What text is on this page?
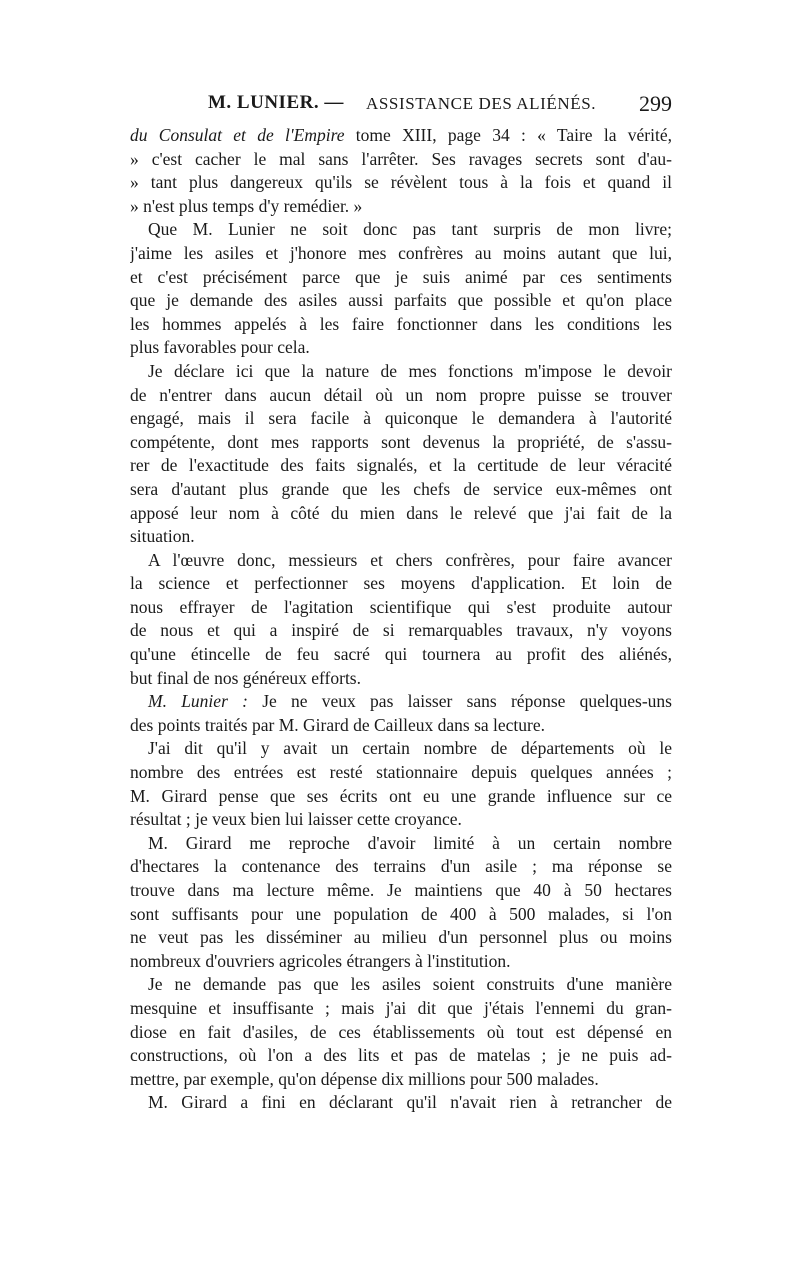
M. LUNIER. — ASSISTANCE DES ALIÉNÉS. 299
du Consulat et de l'Empire tome XIII, page 34 : « Taire la vérité,
» c'est cacher le mal sans l'arrêter. Ses ravages secrets sont d'au-
» tant plus dangereux qu'ils se révèlent tous à la fois et quand il
» n'est plus temps d'y remédier. »
Que M. Lunier ne soit donc pas tant surpris de mon livre;
j'aime les asiles et j'honore mes confrères au moins autant que lui,
et c'est précisément parce que je suis animé par ces sentiments
que je demande des asiles aussi parfaits que possible et qu'on place
les hommes appelés à les faire fonctionner dans les conditions les
plus favorables pour cela.
Je déclare ici que la nature de mes fonctions m'impose le devoir
de n'entrer dans aucun détail où un nom propre puisse se trouver
engagé, mais il sera facile à quiconque le demandera à l'autorité
compétente, dont mes rapports sont devenus la propriété, de s'assu-
rer de l'exactitude des faits signalés, et la certitude de leur véracité
sera d'autant plus grande que les chefs de service eux-mêmes ont
apposé leur nom à côté du mien dans le relevé que j'ai fait de la
situation.
A l'œuvre donc, messieurs et chers confrères, pour faire avancer
la science et perfectionner ses moyens d'application. Et loin de
nous effrayer de l'agitation scientifique qui s'est produite autour
de nous et qui a inspiré de si remarquables travaux, n'y voyons
qu'une étincelle de feu sacré qui tournera au profit des aliénés,
but final de nos généreux efforts.
M. Lunier : Je ne veux pas laisser sans réponse quelques-uns
des points traités par M. Girard de Cailleux dans sa lecture.
J'ai dit qu'il y avait un certain nombre de départements où le
nombre des entrées est resté stationnaire depuis quelques années ;
M. Girard pense que ses écrits ont eu une grande influence sur ce
résultat ; je veux bien lui laisser cette croyance.
M. Girard me reproche d'avoir limité à un certain nombre
d'hectares la contenance des terrains d'un asile ; ma réponse se
trouve dans ma lecture même. Je maintiens que 40 à 50 hectares
sont suffisants pour une population de 400 à 500 malades, si l'on
ne veut pas les disséminer au milieu d'un personnel plus ou moins
nombreux d'ouvriers agricoles étrangers à l'institution.
Je ne demande pas que les asiles soient construits d'une manière
mesquine et insuffisante ; mais j'ai dit que j'étais l'ennemi du gran-
diose en fait d'asiles, de ces établissements où tout est dépensé en
constructions, où l'on a des lits et pas de matelas ; je ne puis ad-
mettre, par exemple, qu'on dépense dix millions pour 500 malades.
M. Girard a fini en déclarant qu'il n'avait rien à retrancher de
